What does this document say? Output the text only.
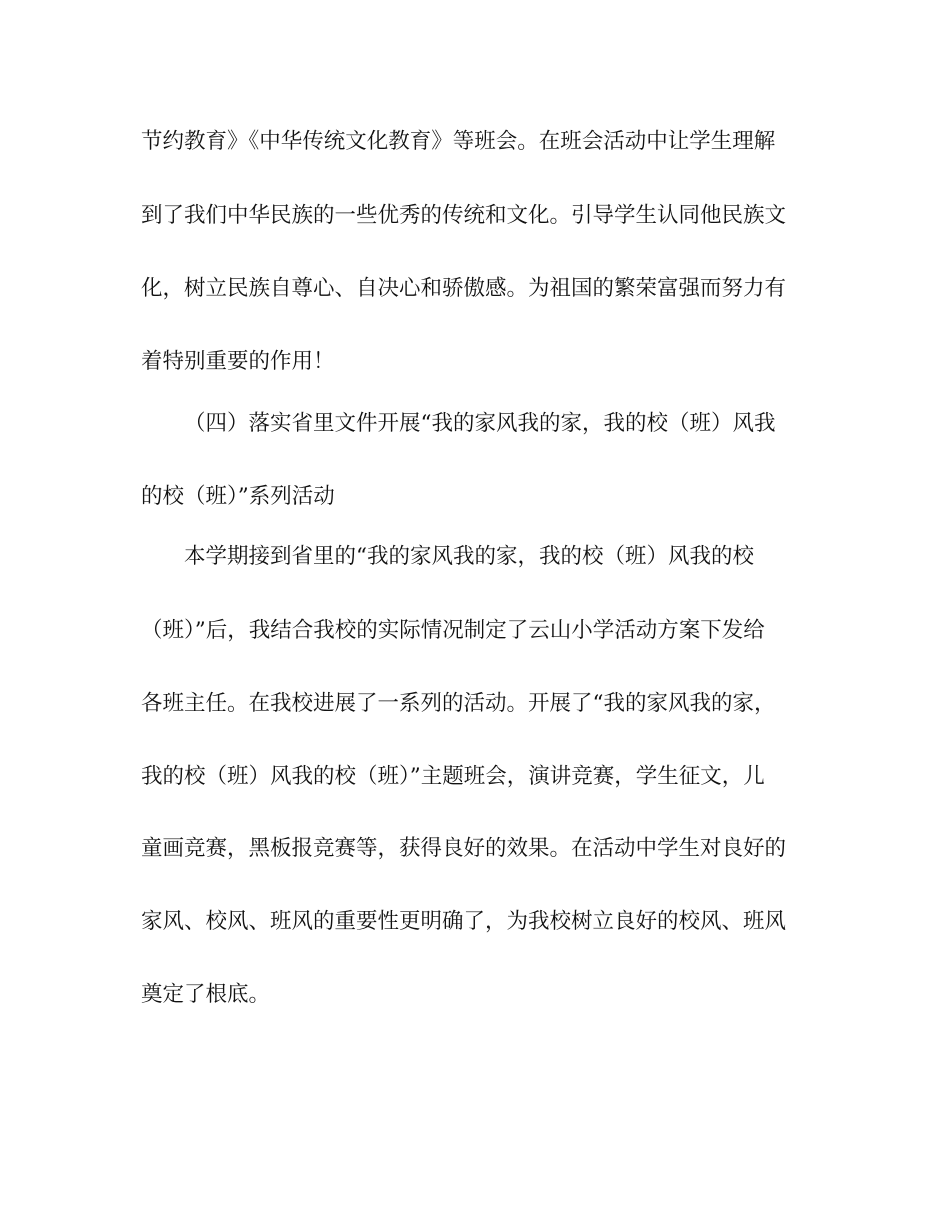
节约教育》《中华传统文化教育》等班会。在班会活动中让学生理解
到了我们中华民族的一些优秀的传统和文化。引导学生认同他民族文
化，树立民族自尊心、自决心和骄傲感。为祖国的繁荣富强而努力有
着特别重要的作用！
（四）落实省里文件开展“我的家风我的家，我的校（班）风我
的校（班）”系列活动
本学期接到省里的“我的家风我的家，我的校（班）风我的校
（班）”后，我结合我校的实际情况制定了云山小学活动方案下发给
各班主任。在我校进展了一系列的活动。开展了“我的家风我的家，
我的校（班）风我的校（班）”主题班会，演讲竞赛，学生征文，儿
童画竞赛，黑板报竞赛等，获得良好的效果。在活动中学生对良好的
家风、校风、班风的重要性更明确了，为我校树立良好的校风、班风
奠定了根底。
